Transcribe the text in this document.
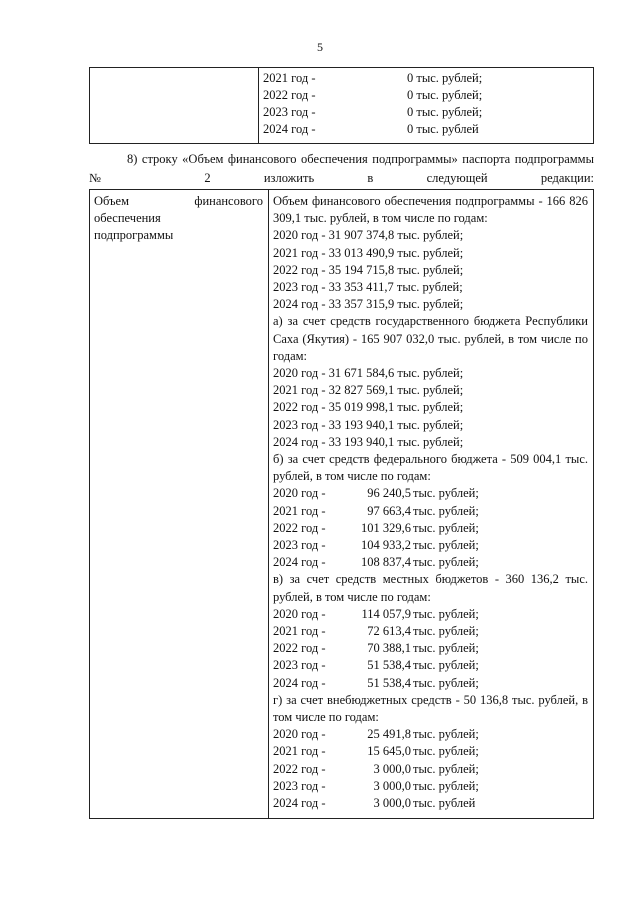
5

2021 год -	0 тыс. рублей;
2022 год -	0 тыс. рублей;
2023 год -	0 тыс. рублей;
2024 год -	0 тыс. рублей

8) строку «Объем финансового обеспечения подпрограммы» паспорта подпрограммы № 2 изложить в следующей редакции:

Объем	финансового
обеспечения
подпрограммы

Объем финансового обеспечения подпрограммы - 166 826 309,1 тыс. рублей, в том числе по годам:
2020 год - 31 907 374,8 тыс. рублей;
2021 год - 33 013 490,9 тыс. рублей;
2022 год - 35 194 715,8 тыс. рублей;
2023 год - 33 353 411,7 тыс. рублей;
2024 год - 33 357 315,9 тыс. рублей;
а) за счет средств государственного бюджета Республики Саха (Якутия) - 165 907 032,0 тыс. рублей, в том числе по годам:
2020 год - 31 671 584,6 тыс. рублей;
2021 год - 32 827 569,1 тыс. рублей;
2022 год - 35 019 998,1 тыс. рублей;
2023 год - 33 193 940,1 тыс. рублей;
2024 год - 33 193 940,1 тыс. рублей;
б) за счет средств федерального бюджета - 509 004,1 тыс. рублей, в том числе по годам:
2020 год -	96 240,5 тыс. рублей;
2021 год -	97 663,4 тыс. рублей;
2022 год -	101 329,6 тыс. рублей;
2023 год -	104 933,2 тыс. рублей;
2024 год -	108 837,4 тыс. рублей;
в) за счет средств местных бюджетов - 360 136,2 тыс. рублей, в том числе по годам:
2020 год -	114 057,9 тыс. рублей;
2021 год -	72 613,4 тыс. рублей;
2022 год -	70 388,1 тыс. рублей;
2023 год -	51 538,4 тыс. рублей;
2024 год -	51 538,4 тыс. рублей;
г) за счет внебюджетных средств - 50 136,8 тыс. рублей, в том числе по годам:
2020 год -	25 491,8 тыс. рублей;
2021 год -	15 645,0 тыс. рублей;
2022 год -	3 000,0 тыс. рублей;
2023 год -	3 000,0 тыс. рублей;
2024 год -	3 000,0 тыс. рублей
